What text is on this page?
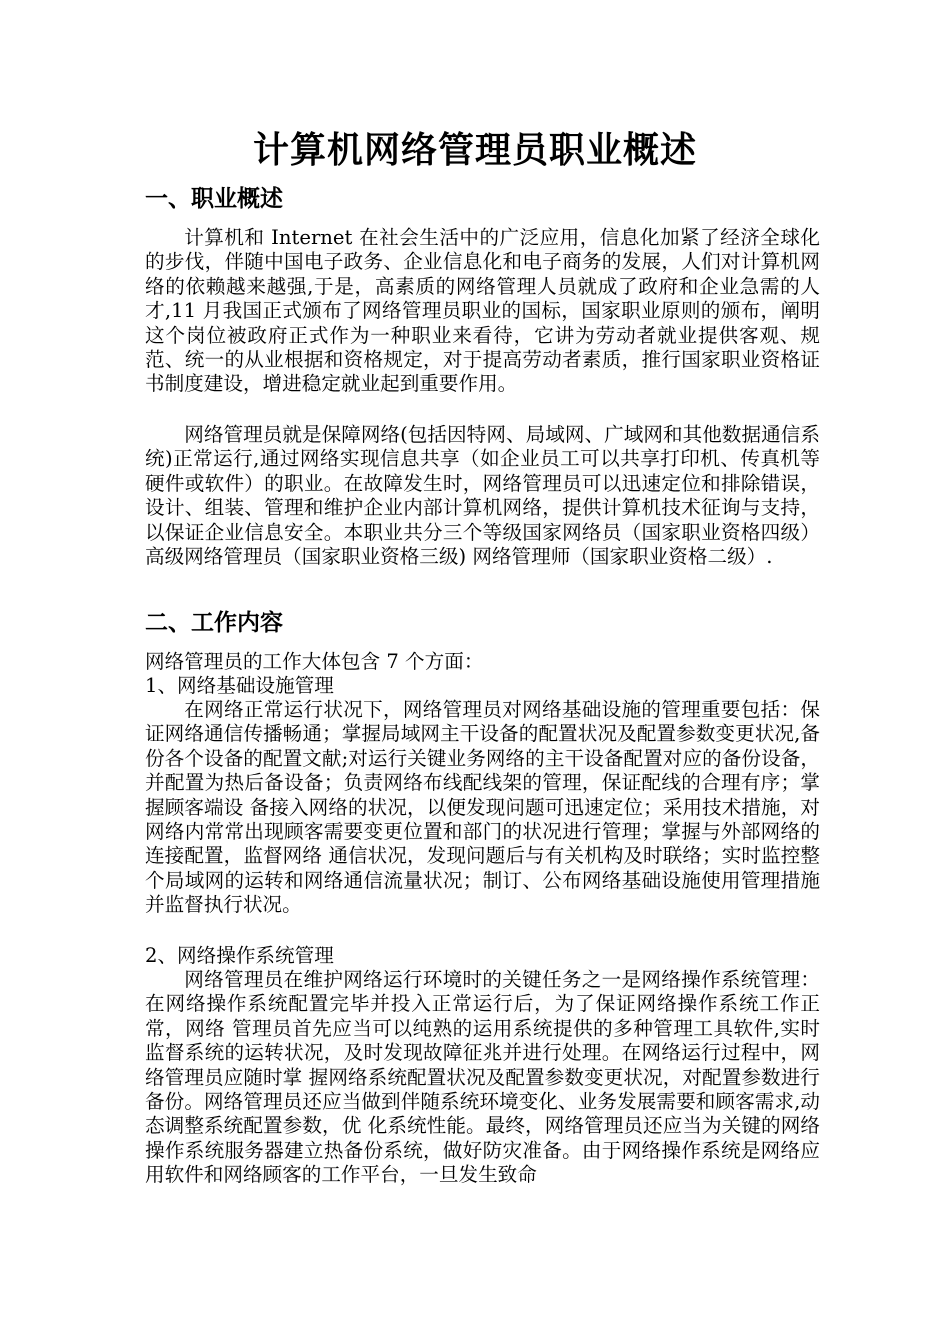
计算机网络管理员职业概述
一、职业概述
计算机和 Internet 在社会生活中的广泛应用，信息化加紧了经济全球化的步伐，伴随中国电子政务、企业信息化和电子商务的发展，人们对计算机网络的依赖越来越强,于是，高素质的网络管理人员就成了政府和企业急需的人才,11 月我国正式颁布了网络管理员职业的国标，国家职业原则的颁布，阐明这个岗位被政府正式作为一种职业来看待，它讲为劳动者就业提供客观、规范、统一的从业根据和资格规定，对于提高劳动者素质，推行国家职业资格证书制度建设，增进稳定就业起到重要作用。
网络管理员就是保障网络(包括因特网、局域网、广域网和其他数据通信系统)正常运行,通过网络实现信息共享（如企业员工可以共享打印机、传真机等硬件或软件）的职业。在故障发生时，网络管理员可以迅速定位和排除错误，设计、组装、管理和维护企业内部计算机网络，提供计算机技术征询与支持，以保证企业信息安全。本职业共分三个等级国家网络员（国家职业资格四级） 高级网络管理员（国家职业资格三级) 网络管理师（国家职业资格二级）.
二、工作内容
网络管理员的工作大体包含 7 个方面：
1、网络基础设施管理
在网络正常运行状况下，网络管理员对网络基础设施的管理重要包括：保证网络通信传播畅通；掌握局域网主干设备的配置状况及配置参数变更状况,备份各个设备的配置文献;对运行关键业务网络的主干设备配置对应的备份设备，并配置为热后备设备；负责网络布线配线架的管理，保证配线的合理有序；掌握顾客端设 备接入网络的状况，以便发现问题可迅速定位；采用技术措施，对网络内常常出现顾客需要变更位置和部门的状况进行管理；掌握与外部网络的连接配置，监督网络 通信状况，发现问题后与有关机构及时联络；实时监控整个局域网的运转和网络通信流量状况；制订、公布网络基础设施使用管理措施并监督执行状况。
2、网络操作系统管理
网络管理员在维护网络运行环境时的关键任务之一是网络操作系统管理：在网络操作系统配置完毕并投入正常运行后，为了保证网络操作系统工作正常，网络 管理员首先应当可以纯熟的运用系统提供的多种管理工具软件,实时监督系统的运转状况，及时发现故障征兆并进行处理。在网络运行过程中，网络管理员应随时掌 握网络系统配置状况及配置参数变更状况，对配置参数进行备份。网络管理员还应当做到伴随系统环境变化、业务发展需要和顾客需求,动态调整系统配置参数，优 化系统性能。最终，网络管理员还应当为关键的网络操作系统服务器建立热备份系统，做好防灾准备。由于网络操作系统是网络应用软件和网络顾客的工作平台，一旦发生致命
